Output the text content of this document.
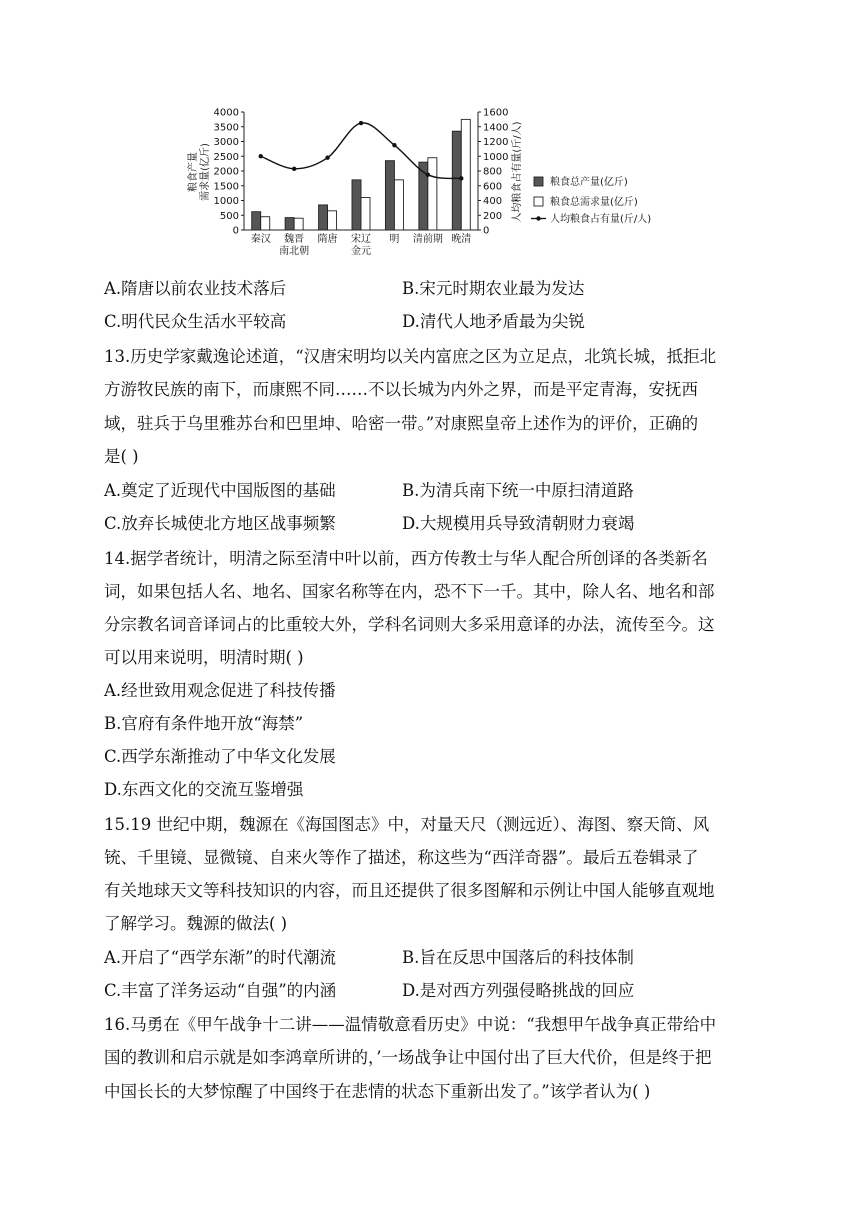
4000
3500
3000
2500
2000
1500
1000
500
0
1600
1400
1200
1000
800
600
400
200
0
粮食产量 需求量(亿斤)	人均粮食占有量(斤/人)
秦汉 魏晋
南北朝
隋唐 宋辽
金元
明 清前期 晚清
粮食总产量(亿斤)
粮食总需求量(亿斤)
人均粮食占有量(斤/人)
A.隋唐以前农业技术落后	B.宋元时期农业最为发达
C.明代民众生活水平较高	D.清代人地矛盾最为尖锐
13.历史学家戴逸论述道，“汉唐宋明均以关内富庶之区为立足点，北筑长城，抵拒北
方游牧民族的南下，而康熙不同……不以长城为内外之界，而是平定青海，安抚西
域，驻兵于乌里雅苏台和巴里坤、哈密一带。”对康熙皇帝上述作为的评价，正确的
是( )
A.奠定了近现代中国版图的基础	B.为清兵南下统一中原扫清道路
C.放弃长城使北方地区战事频繁	D.大规模用兵导致清朝财力衰竭
14.据学者统计，明清之际至清中叶以前，西方传教士与华人配合所创译的各类新名
词，如果包括人名、地名、国家名称等在内，恐不下一千。其中，除人名、地名和部
分宗教名词音译词占的比重较大外，学科名词则大多采用意译的办法，流传至今。这
可以用来说明，明清时期( )
A.经世致用观念促进了科技传播
B.官府有条件地开放“海禁”
C.西学东渐推动了中华文化发展
D.东西文化的交流互鉴增强
15.19 世纪中期，魏源在《海国图志》中，对量天尺（测远近）、海图、察天筒、风
铳、千里镜、显微镜、自来火等作了描述，称这些为“西洋奇器”。最后五卷辑录了
有关地球天文等科技知识的内容，而且还提供了很多图解和示例让中国人能够直观地
了解学习。魏源的做法( )
A.开启了“西学东渐”的时代潮流	B.旨在反思中国落后的科技体制
C.丰富了洋务运动“自强”的内涵	D.是对西方列强侵略挑战的回应
16.马勇在《甲午战争十二讲——温情敬意看历史》中说：“我想甲午战争真正带给中
国的教训和启示就是如李鸿章所讲的，’一场战争让中国付出了巨大代价，但是终于把
中国长长的大梦惊醒了中国终于在悲情的状态下重新出发了。”该学者认为( )
